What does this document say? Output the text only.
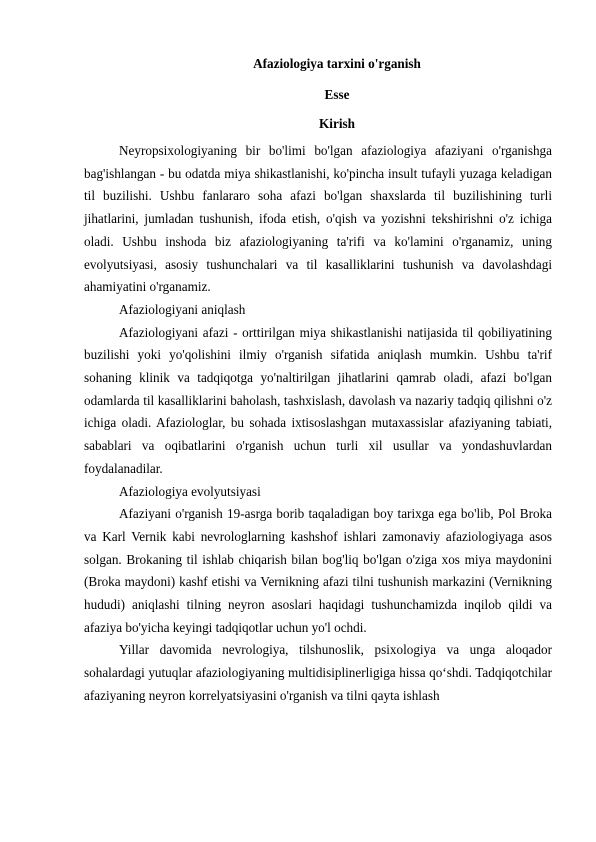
Afaziologiya tarxini o'rganish
Esse
Kirish

Neyropsixologiyaning bir bo'limi bo'lgan afaziologiya afaziyani o'rganishga bag'ishlangan - bu odatda miya shikastlanishi, ko'pincha insult tufayli yuzaga keladigan til buzilishi. Ushbu fanlararo soha afazi bo'lgan shaxslarda til buzilishining turli jihatlarini, jumladan tushunish, ifoda etish, o'qish va yozishni tekshirishni o'z ichiga oladi. Ushbu inshoda biz afaziologiyaning ta'rifi va ko'lamini o'rganamiz, uning evolyutsiyasi, asosiy tushunchalari va til kasalliklarini tushunish va davolashdagi ahamiyatini o'rganamiz.

Afaziologiyani aniqlash

Afaziologiyani afazi - orttirilgan miya shikastlanishi natijasida til qobiliyatining buzilishi yoki yo'qolishini ilmiy o'rganish sifatida aniqlash mumkin. Ushbu ta'rif sohaning klinik va tadqiqotga yo'naltirilgan jihatlarini qamrab oladi, afazi bo'lgan odamlarda til kasalliklarini baholash, tashxislash, davolash va nazariy tadqiq qilishni o'z ichiga oladi. Afaziologlar, bu sohada ixtisoslashgan mutaxassislar afaziyaning tabiati, sabablari va oqibatlarini o'rganish uchun turli xil usullar va yondashuvlardan foydalanadilar.

Afaziologiya evolyutsiyasi

Afaziyani o'rganish 19-asrga borib taqaladigan boy tarixga ega bo'lib, Pol Broka va Karl Vernik kabi nevrologlarning kashshof ishlari zamonaviy afaziologiyaga asos solgan. Brokaning til ishlab chiqarish bilan bog'liq bo'lgan o'ziga xos miya maydonini (Broka maydoni) kashf etishi va Vernikning afazi tilni tushunish markazini (Vernikning hududi) aniqlashi tilning neyron asoslari haqidagi tushunchamizda inqilob qildi va afaziya bo'yicha keyingi tadqiqotlar uchun yo'l ochdi.

Yillar davomida nevrologiya, tilshunoslik, psixologiya va unga aloqador sohalardagi yutuqlar afaziologiyaning multidisiplinerligiga hissa qo‘shdi. Tadqiqotchilar afaziyaning neyron korrelyatsiyasini o'rganish va tilni qayta ishlash
